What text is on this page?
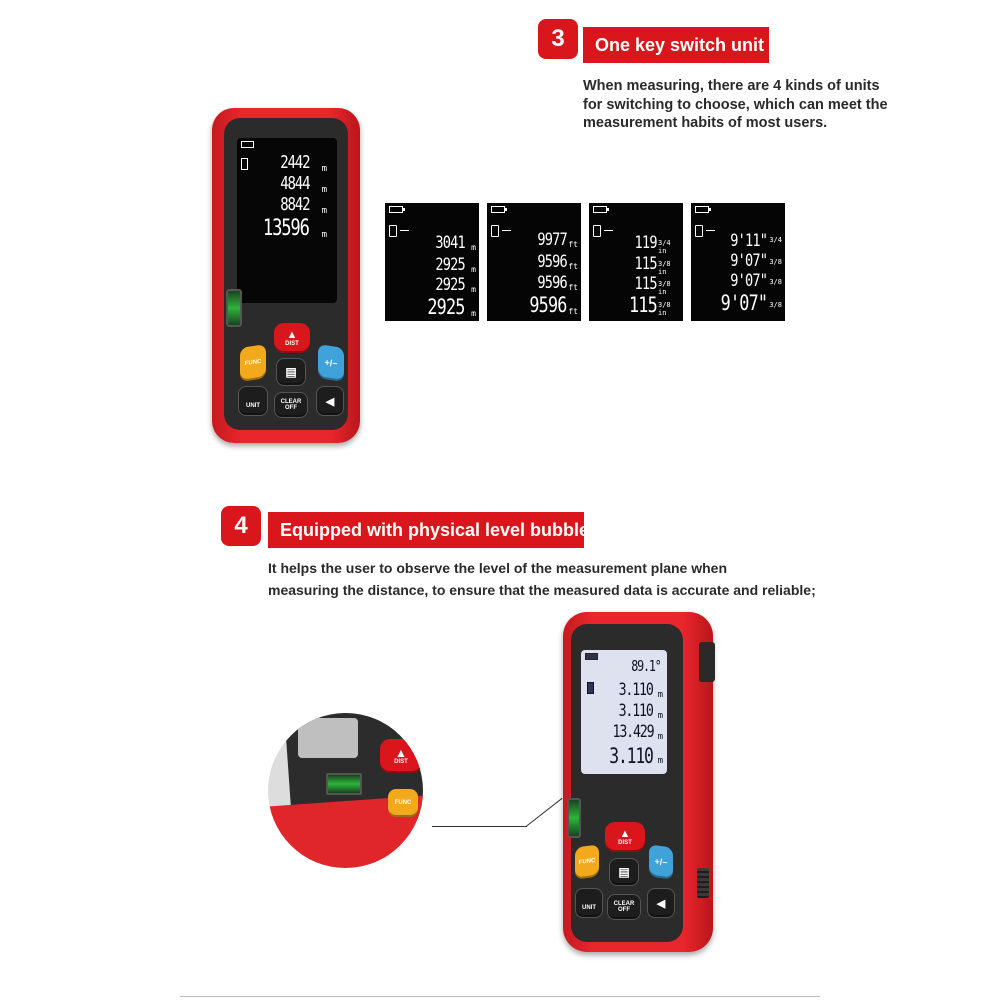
3	One key switch unit
When measuring, there are 4 kinds of units
for switching to choose, which can meet the
measurement habits of most users.
2442 m
4844 m
8842 m
13596 m
▲
DIST
FUNC	+/−
▤
UNIT
CLEAR
OFF
◀
3041 m
2925 m
2925 m
2925 m
9977 ft
9596 ft
9596 ft
9596 ft
119 3/4 in
115 3/8 in
115 3/8 in
115 3/8 in
9'11" 3/4
9'07" 3/8
9'07" 3/8
9'07" 3/8
4	Equipped with physical level bubble
It helps the user to observe the level of the measurement plane when
measuring the distance, to ensure that the measured data is accurate and reliable;
▲
DIST
FUNC
89.1°
3.110 m
3.110 m
13.429 m
3.110 m
▲
DIST
FUNC	+/−
▤
UNIT
CLEAR
OFF
◀
